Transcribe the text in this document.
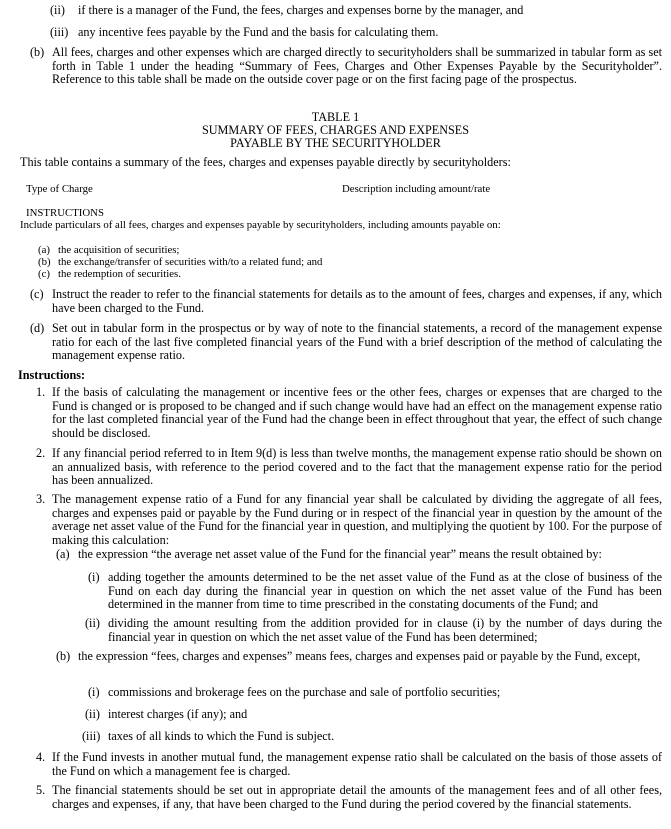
(ii) if there is a manager of the Fund, the fees, charges and expenses borne by the manager, and
(iii) any incentive fees payable by the Fund and the basis for calculating them.
(b) All fees, charges and other expenses which are charged directly to securityholders shall be summarized in tabular form as set forth in Table 1 under the heading “Summary of Fees, Charges and Other Expenses Payable by the Securityholder”. Reference to this table shall be made on the outside cover page or on the first facing page of the prospectus.
TABLE 1
SUMMARY OF FEES, CHARGES AND EXPENSES
PAYABLE BY THE SECURITYHOLDER
This table contains a summary of the fees, charges and expenses payable directly by securityholders:
Type of Charge	Description including amount/rate
INSTRUCTIONS
Include particulars of all fees, charges and expenses payable by securityholders, including amounts payable on:
(a) the acquisition of securities;
(b) the exchange/transfer of securities with/to a related fund; and
(c) the redemption of securities.
(c) Instruct the reader to refer to the financial statements for details as to the amount of fees, charges and expenses, if any, which have been charged to the Fund.
(d) Set out in tabular form in the prospectus or by way of note to the financial statements, a record of the management expense ratio for each of the last five completed financial years of the Fund with a brief description of the method of calculating the management expense ratio.
Instructions:
1. If the basis of calculating the management or incentive fees or the other fees, charges or expenses that are charged to the Fund is changed or is proposed to be changed and if such change would have had an effect on the management expense ratio for the last completed financial year of the Fund had the change been in effect throughout that year, the effect of such change should be disclosed.
2. If any financial period referred to in Item 9(d) is less than twelve months, the management expense ratio should be shown on an annualized basis, with reference to the period covered and to the fact that the management expense ratio for the period has been annualized.
3. The management expense ratio of a Fund for any financial year shall be calculated by dividing the aggregate of all fees, charges and expenses paid or payable by the Fund during or in respect of the financial year in question by the amount of the average net asset value of the Fund for the financial year in question, and multiplying the quotient by 100. For the purpose of making this calculation:
(a) the expression “the average net asset value of the Fund for the financial year” means the result obtained by:
(i) adding together the amounts determined to be the net asset value of the Fund as at the close of business of the Fund on each day during the financial year in question on which the net asset value of the Fund has been determined in the manner from time to time prescribed in the constating documents of the Fund; and
(ii) dividing the amount resulting from the addition provided for in clause (i) by the number of days during the financial year in question on which the net asset value of the Fund has been determined;
(b) the expression “fees, charges and expenses” means fees, charges and expenses paid or payable by the Fund, except,
(i) commissions and brokerage fees on the purchase and sale of portfolio securities;
(ii) interest charges (if any); and
(iii) taxes of all kinds to which the Fund is subject.
4. If the Fund invests in another mutual fund, the management expense ratio shall be calculated on the basis of those assets of the Fund on which a management fee is charged.
5. The financial statements should be set out in appropriate detail the amounts of the management fees and of all other fees, charges and expenses, if any, that have been charged to the Fund during the period covered by the financial statements.
